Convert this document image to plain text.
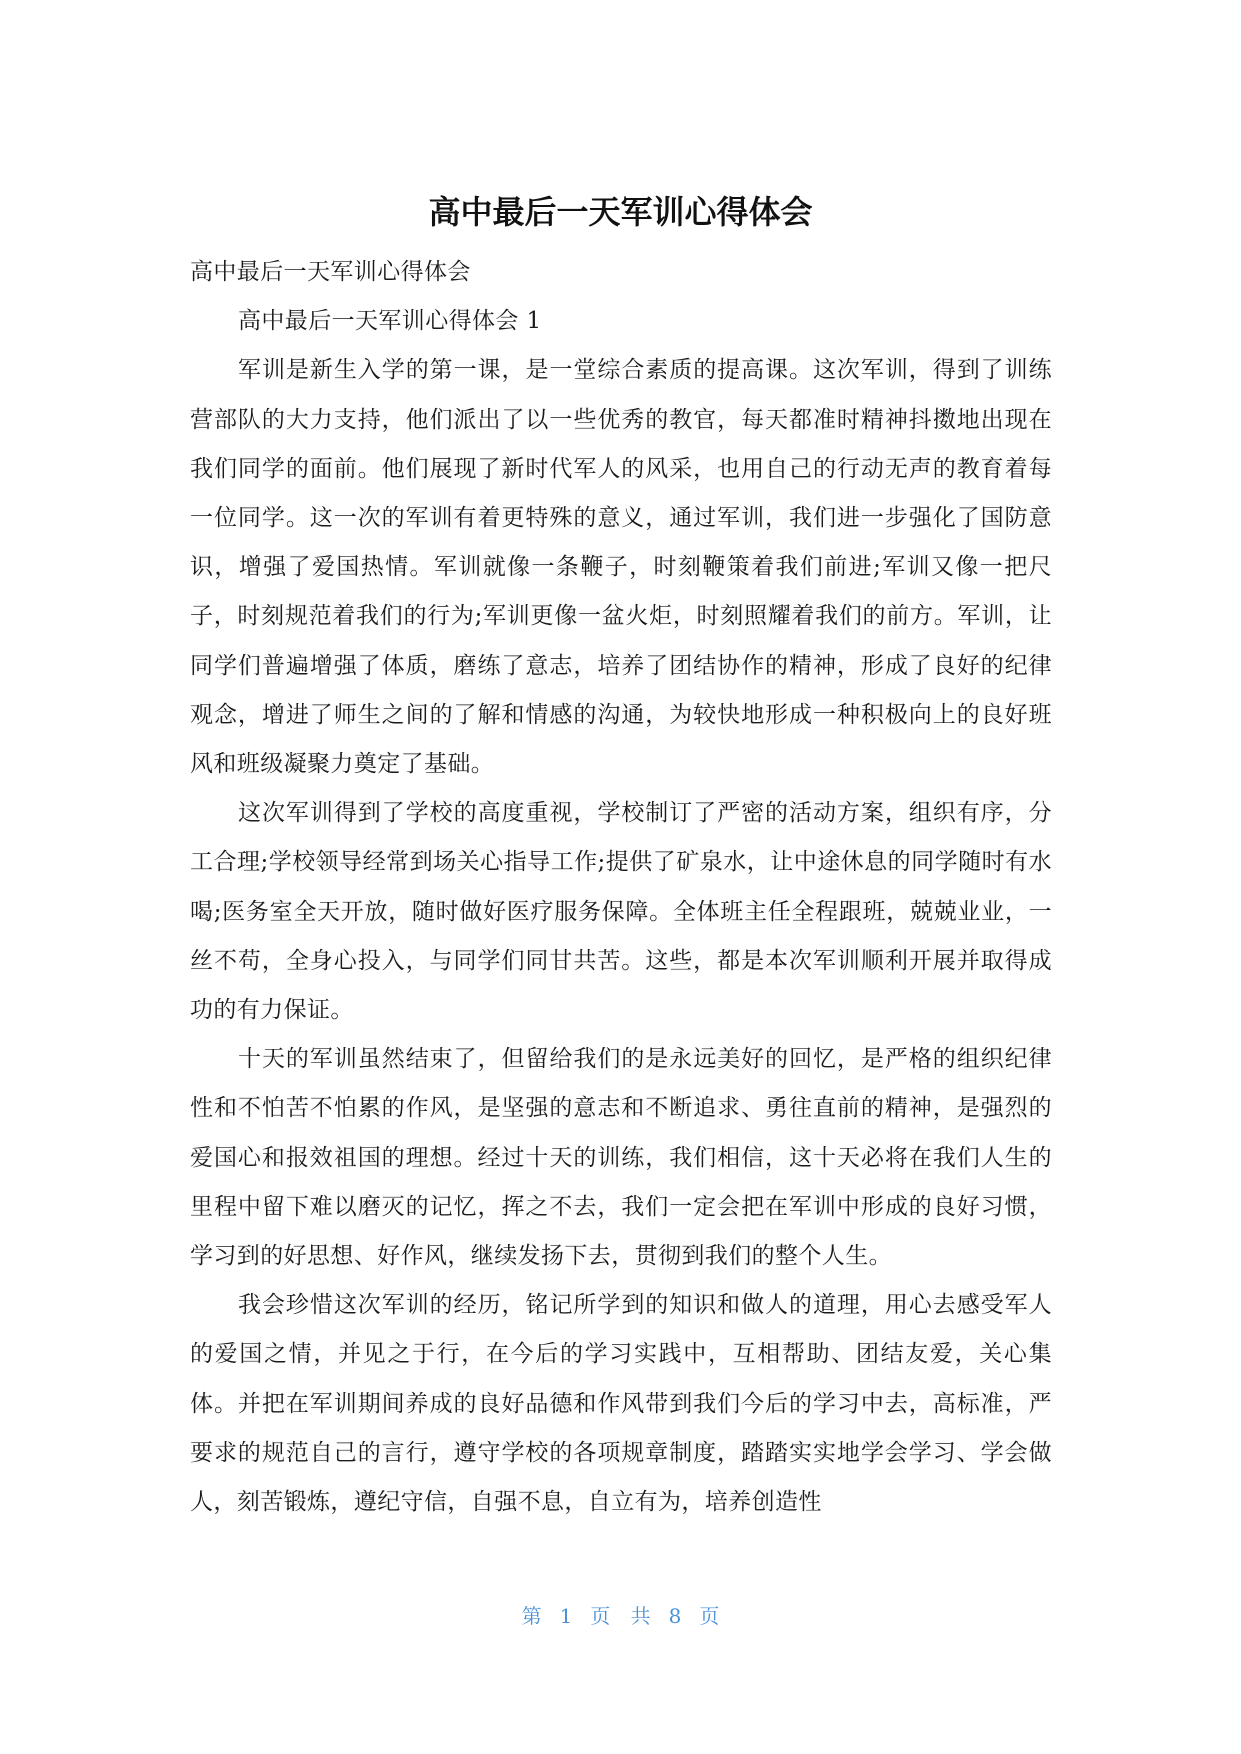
高中最后一天军训心得体会

高中最后一天军训心得体会

高中最后一天军训心得体会 1

军训是新生入学的第一课，是一堂综合素质的提高课。这次军训，得到了训练营部队的大力支持，他们派出了以一些优秀的教官，每天都准时精神抖擞地出现在我们同学的面前。他们展现了新时代军人的风采，也用自己的行动无声的教育着每一位同学。这一次的军训有着更特殊的意义，通过军训，我们进一步强化了国防意识，增强了爱国热情。军训就像一条鞭子，时刻鞭策着我们前进;军训又像一把尺子，时刻规范着我们的行为;军训更像一盆火炬，时刻照耀着我们的前方。军训，让同学们普遍增强了体质，磨练了意志，培养了团结协作的精神，形成了良好的纪律观念，增进了师生之间的了解和情感的沟通，为较快地形成一种积极向上的良好班风和班级凝聚力奠定了基础。

这次军训得到了学校的高度重视，学校制订了严密的活动方案，组织有序，分工合理;学校领导经常到场关心指导工作;提供了矿泉水，让中途休息的同学随时有水喝;医务室全天开放，随时做好医疗服务保障。全体班主任全程跟班，兢兢业业，一丝不苟，全身心投入，与同学们同甘共苦。这些，都是本次军训顺利开展并取得成功的有力保证。

十天的军训虽然结束了，但留给我们的是永远美好的回忆，是严格的组织纪律性和不怕苦不怕累的作风，是坚强的意志和不断追求、勇往直前的精神，是强烈的爱国心和报效祖国的理想。经过十天的训练，我们相信，这十天必将在我们人生的里程中留下难以磨灭的记忆，挥之不去，我们一定会把在军训中形成的良好习惯，学习到的好思想、好作风，继续发扬下去，贯彻到我们的整个人生。

我会珍惜这次军训的经历，铭记所学到的知识和做人的道理，用心去感受军人的爱国之情，并见之于行，在今后的学习实践中，互相帮助、团结友爱，关心集体。并把在军训期间养成的良好品德和作风带到我们今后的学习中去，高标准，严要求的规范自己的言行，遵守学校的各项规章制度，踏踏实实地学会学习、学会做人，刻苦锻炼，遵纪守信，自强不息，自立有为，培养创造性

第 1 页 共 8 页
